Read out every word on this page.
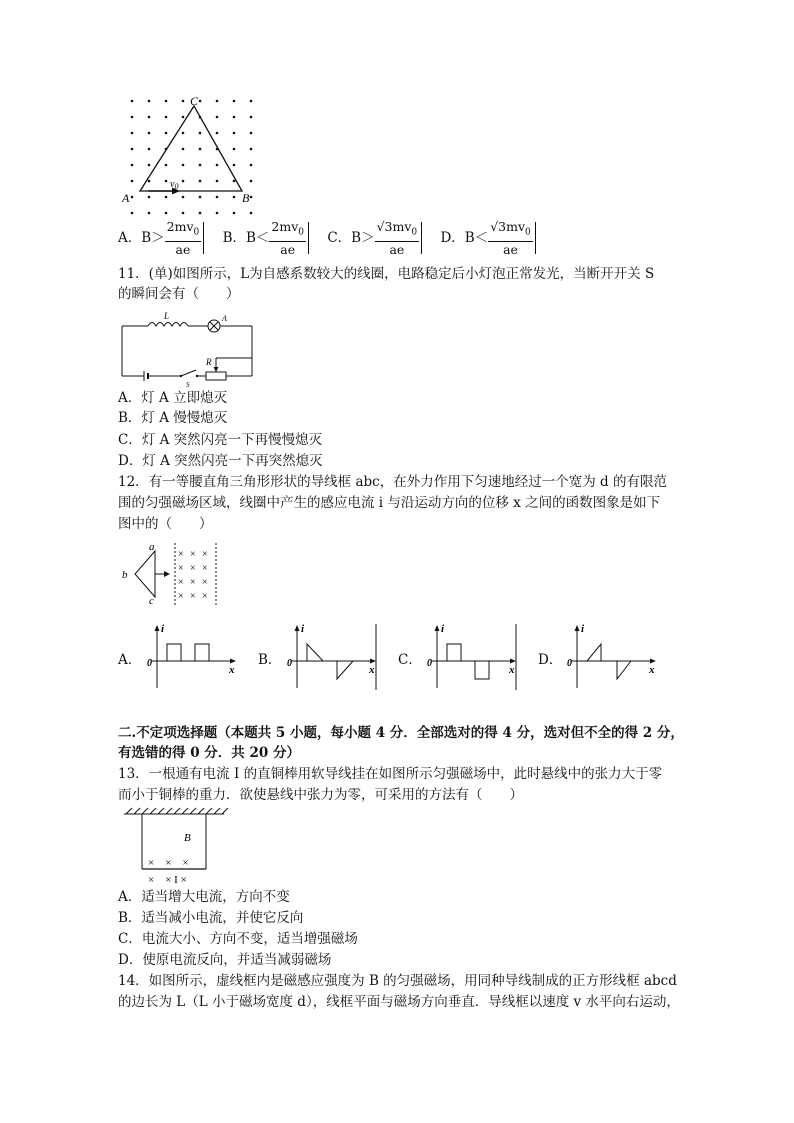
C
A	B
$v_0$
A．$B> \frac{2mv_0}{ae}$
B．$B< \frac{2mv_0}{ae}$
C．$B> \frac{√3mv_0}{ae}$
D．$B< \frac{√3mv_0}{ae}$
11．(单)如图所示，L为自感系数较大的线圈，电路稳定后小灯泡正常发光，当断开开关 S
的瞬间会有（　　）
L	A
R
S
A．灯 A 立即熄灭
B．灯 A 慢慢熄灭
C．灯 A 突然闪亮一下再慢慢熄灭
D．灯 A 突然闪亮一下再突然熄灭
12．有一等腰直角三角形形状的导线框 abc，在外力作用下匀速地经过一个宽为 d 的有限范
围的匀强磁场区域，线圈中产生的感应电流 i 与沿运动方向的位移 x 之间的函数图象是如下
图中的（　　）
× × ×
× × ×
× × ×
× × ×
a
b
c
A．
i
x
0	B．
i
x
0	C．
i
x
0	D．
i
x
0
二.不定项选择题（本题共 5 小题，每小题 4 分．全部选对的得 4 分，选对但不全的得 2 分，
有选错的得 0 分．共 20 分）
13．一根通有电流 I 的直铜棒用软导线挂在如图所示匀强磁场中，此时悬线中的张力大于零
而小于铜棒的重力．欲使悬线中张力为零，可采用的方法有（　　）
B
×　×　×
×　× I ×
A．适当增大电流，方向不变
B．适当减小电流，并使它反向
C．电流大小、方向不变，适当增强磁场
D．使原电流反向，并适当减弱磁场
14．如图所示，虚线框内是磁感应强度为 B 的匀强磁场，用同种导线制成的正方形线框 abcd
的边长为 L（L 小于磁场宽度 d），线框平面与磁场方向垂直．导线框以速度 v 水平向右运动，
